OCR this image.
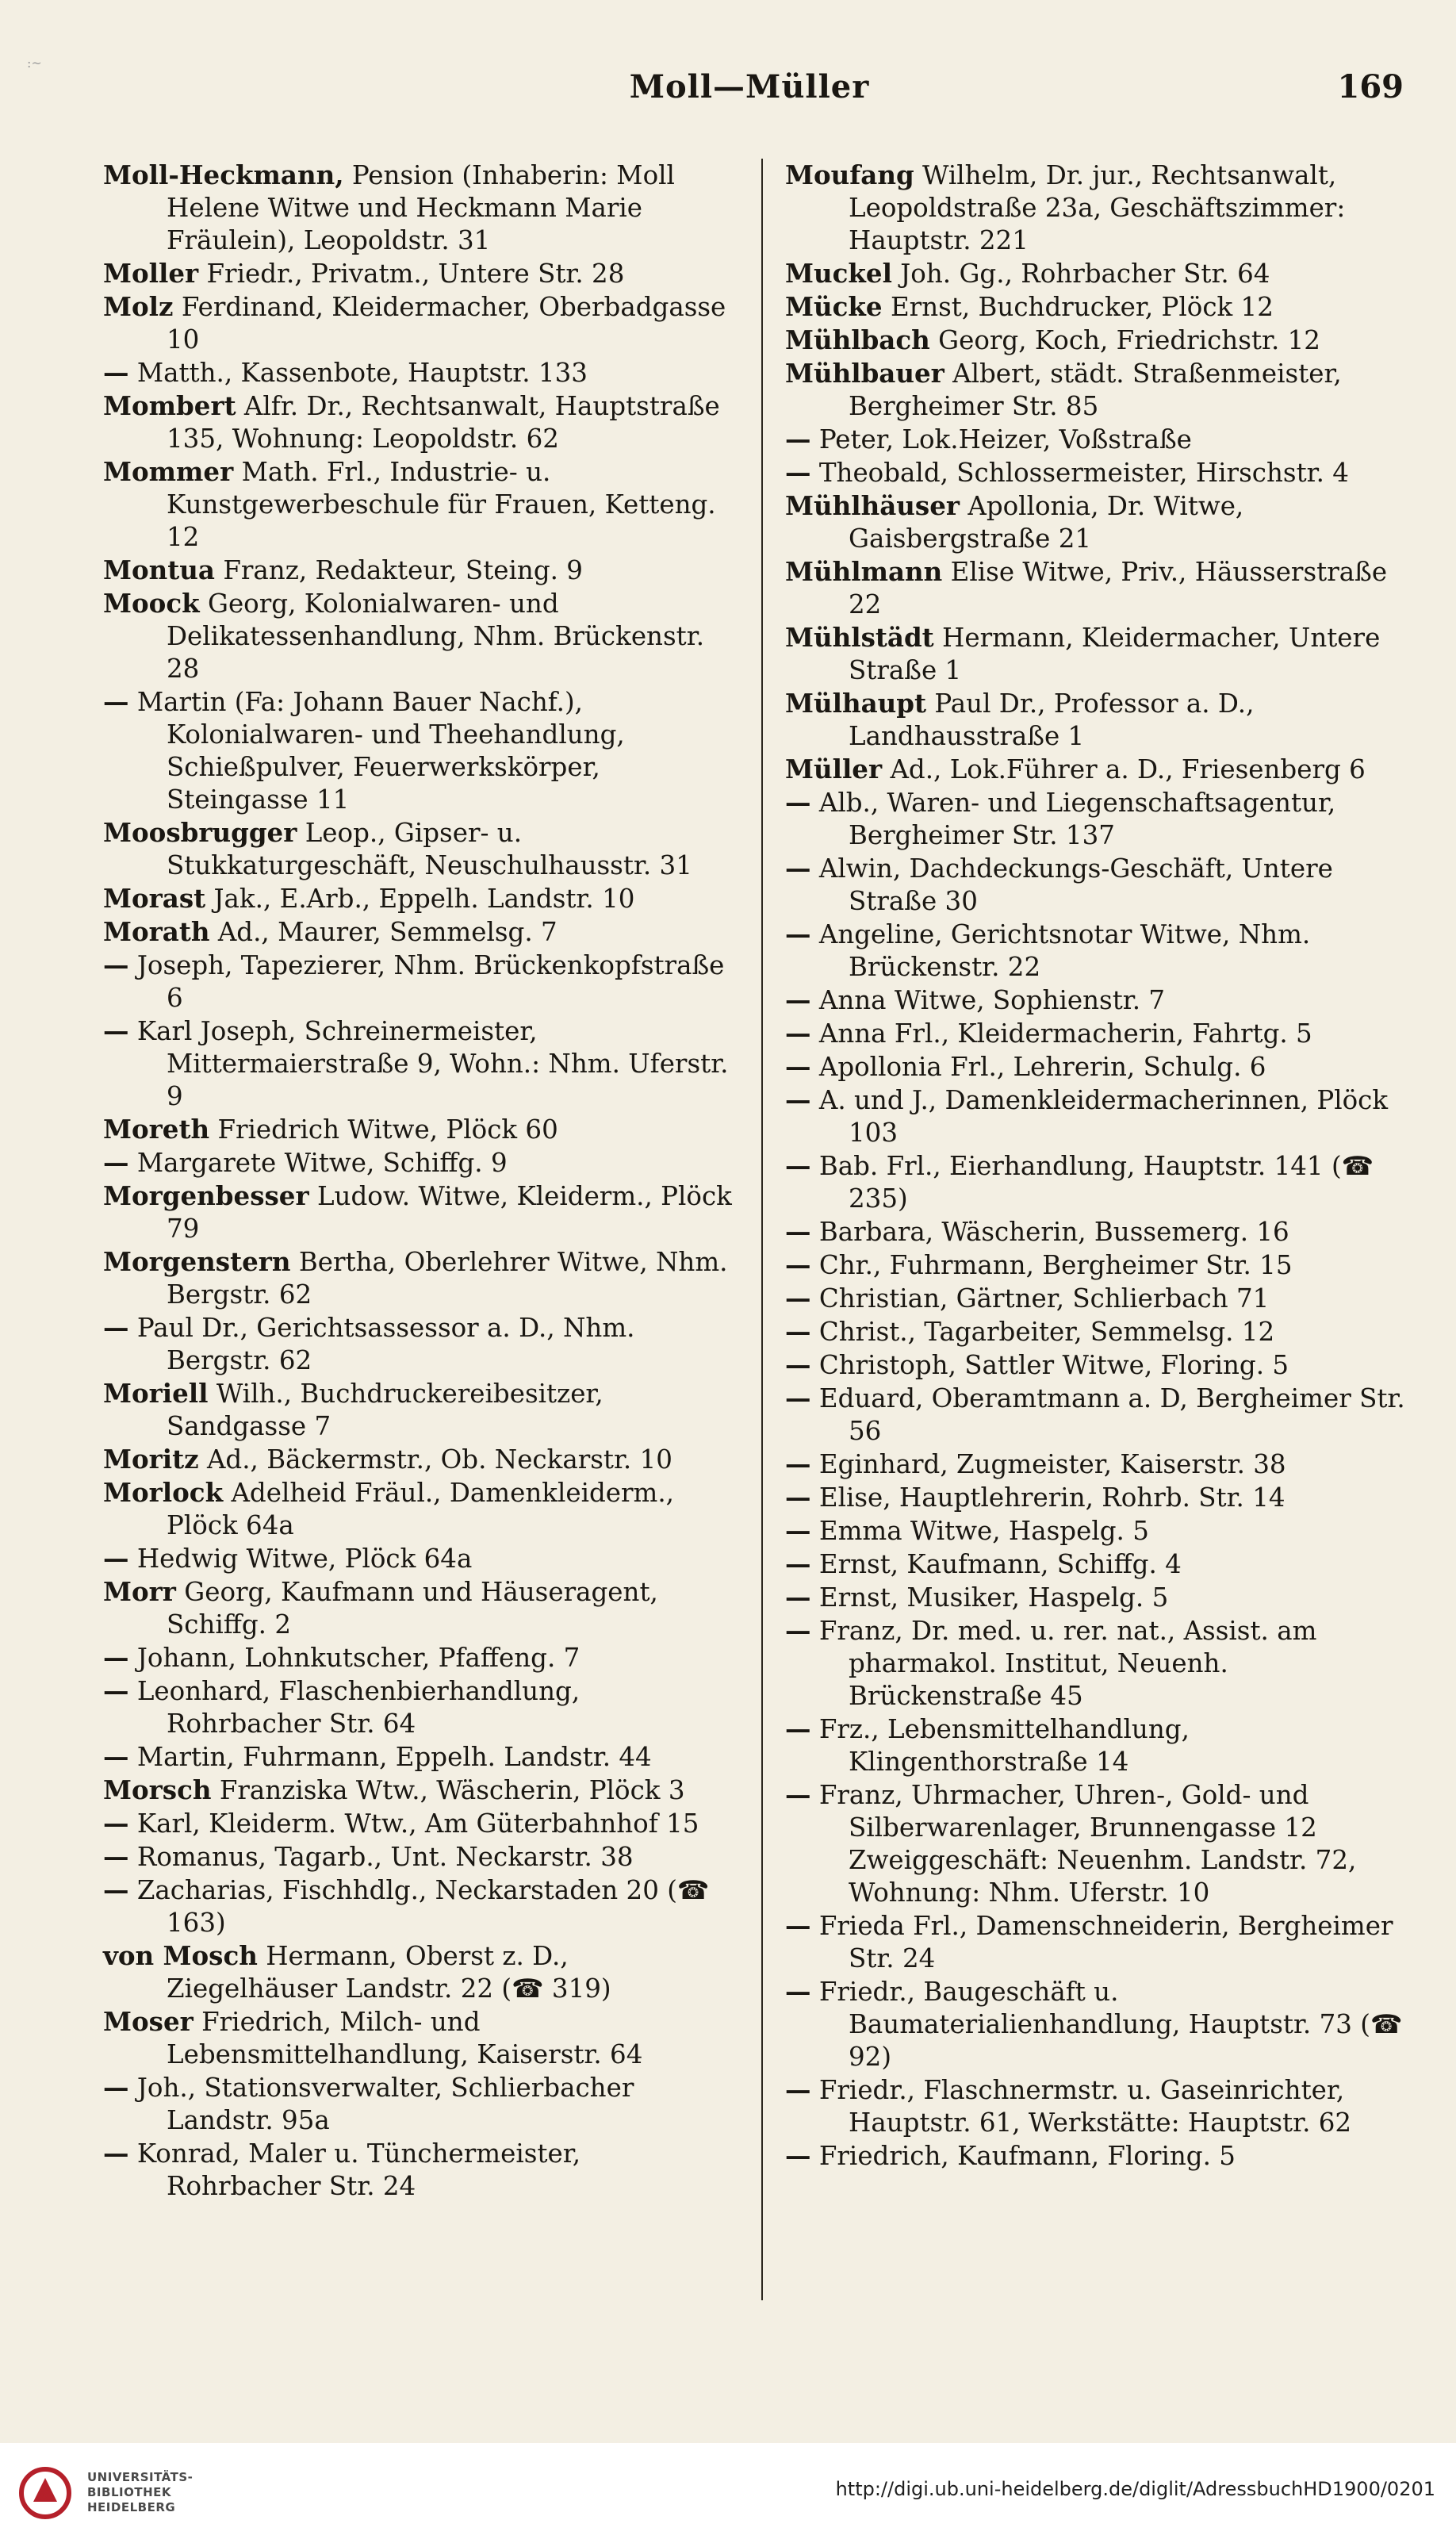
:~
Moll—Müller	169

Moll-Heckmann, Pension (Inhaberin: Moll Helene Witwe und Heckmann Marie Fräulein), Leopoldstr. 31

Moller Friedr., Privatm., Untere Str. 28

Molz Ferdinand, Kleidermacher, Oberbadgasse 10

— Matth., Kassenbote, Hauptstr. 133

Mombert Alfr. Dr., Rechtsanwalt, Hauptstraße 135, Wohnung: Leopoldstr. 62

Mommer Math. Frl., Industrie- u. Kunstgewerbeschule für Frauen, Ketteng. 12

Montua Franz, Redakteur, Steing. 9

Moock Georg, Kolonialwaren- und Delikatessenhandlung, Nhm. Brückenstr. 28

— Martin (Fa: Johann Bauer Nachf.), Kolonialwaren- und Theehandlung, Schießpulver, Feuerwerkskörper, Steingasse 11

Moosbrugger Leop., Gipser- u. Stukkaturgeschäft, Neuschulhausstr. 31

Morast Jak., E.Arb., Eppelh. Landstr. 10

Morath Ad., Maurer, Semmelsg. 7

— Joseph, Tapezierer, Nhm. Brückenkopfstraße 6

— Karl Joseph, Schreinermeister, Mittermaierstraße 9, Wohn.: Nhm. Uferstr. 9

Moreth Friedrich Witwe, Plöck 60

— Margarete Witwe, Schiffg. 9

Morgenbesser Ludow. Witwe, Kleiderm., Plöck 79

Morgenstern Bertha, Oberlehrer Witwe, Nhm. Bergstr. 62

— Paul Dr., Gerichtsassessor a. D., Nhm. Bergstr. 62

Moriell Wilh., Buchdruckereibesitzer, Sandgasse 7

Moritz Ad., Bäckermstr., Ob. Neckarstr. 10

Morlock Adelheid Fräul., Damenkleiderm., Plöck 64a

— Hedwig Witwe, Plöck 64a

Morr Georg, Kaufmann und Häuseragent, Schiffg. 2

— Johann, Lohnkutscher, Pfaffeng. 7

— Leonhard, Flaschenbierhandlung, Rohrbacher Str. 64

— Martin, Fuhrmann, Eppelh. Landstr. 44

Morsch Franziska Wtw., Wäscherin, Plöck 3

— Karl, Kleiderm. Wtw., Am Güterbahnhof 15

— Romanus, Tagarb., Unt. Neckarstr. 38

— Zacharias, Fischhdlg., Neckarstaden 20 (☎ 163)

von Mosch Hermann, Oberst z. D., Ziegelhäuser Landstr. 22 (☎ 319)

Moser Friedrich, Milch- und Lebensmittelhandlung, Kaiserstr. 64

— Joh., Stationsverwalter, Schlierbacher Landstr. 95a

— Konrad, Maler u. Tünchermeister, Rohrbacher Str. 24

Moufang Wilhelm, Dr. jur., Rechtsanwalt, Leopoldstraße 23a, Geschäftszimmer: Hauptstr. 221

Muckel Joh. Gg., Rohrbacher Str. 64

Mücke Ernst, Buchdrucker, Plöck 12

Mühlbach Georg, Koch, Friedrichstr. 12

Mühlbauer Albert, städt. Straßenmeister, Bergheimer Str. 85

— Peter, Lok.Heizer, Voßstraße

— Theobald, Schlossermeister, Hirschstr. 4

Mühlhäuser Apollonia, Dr. Witwe, Gaisbergstraße 21

Mühlmann Elise Witwe, Priv., Häusserstraße 22

Mühlstädt Hermann, Kleidermacher, Untere Straße 1

Mülhaupt Paul Dr., Professor a. D., Landhausstraße 1

Müller Ad., Lok.Führer a. D., Friesenberg 6

— Alb., Waren- und Liegenschaftsagentur, Bergheimer Str. 137

— Alwin, Dachdeckungs-Geschäft, Untere Straße 30

— Angeline, Gerichtsnotar Witwe, Nhm. Brückenstr. 22

— Anna Witwe, Sophienstr. 7

— Anna Frl., Kleidermacherin, Fahrtg. 5

— Apollonia Frl., Lehrerin, Schulg. 6

— A. und J., Damenkleidermacherinnen, Plöck 103

— Bab. Frl., Eierhandlung, Hauptstr. 141 (☎ 235)

— Barbara, Wäscherin, Bussemerg. 16

— Chr., Fuhrmann, Bergheimer Str. 15

— Christian, Gärtner, Schlierbach 71

— Christ., Tagarbeiter, Semmelsg. 12

— Christoph, Sattler Witwe, Floring. 5

— Eduard, Oberamtmann a. D, Bergheimer Str. 56

— Eginhard, Zugmeister, Kaiserstr. 38

— Elise, Hauptlehrerin, Rohrb. Str. 14

— Emma Witwe, Haspelg. 5

— Ernst, Kaufmann, Schiffg. 4

— Ernst, Musiker, Haspelg. 5

— Franz, Dr. med. u. rer. nat., Assist. am pharmakol. Institut, Neuenh. Brückenstraße 45

— Frz., Lebensmittelhandlung, Klingenthorstraße 14

— Franz, Uhrmacher, Uhren-, Gold- und Silberwarenlager, Brunnengasse 12 Zweiggeschäft: Neuenhm. Landstr. 72, Wohnung: Nhm. Uferstr. 10

— Frieda Frl., Damenschneiderin, Bergheimer Str. 24

— Friedr., Baugeschäft u. Baumaterialienhandlung, Hauptstr. 73 (☎ 92)

— Friedr., Flaschnermstr. u. Gaseinrichter, Hauptstr. 61, Werkstätte: Hauptstr. 62

— Friedrich, Kaufmann, Floring. 5

UNIVERSITÄTS-
BIBLIOTHEK
HEIDELBERG
http://digi.ub.uni-heidelberg.de/diglit/AdressbuchHD1900/0201
